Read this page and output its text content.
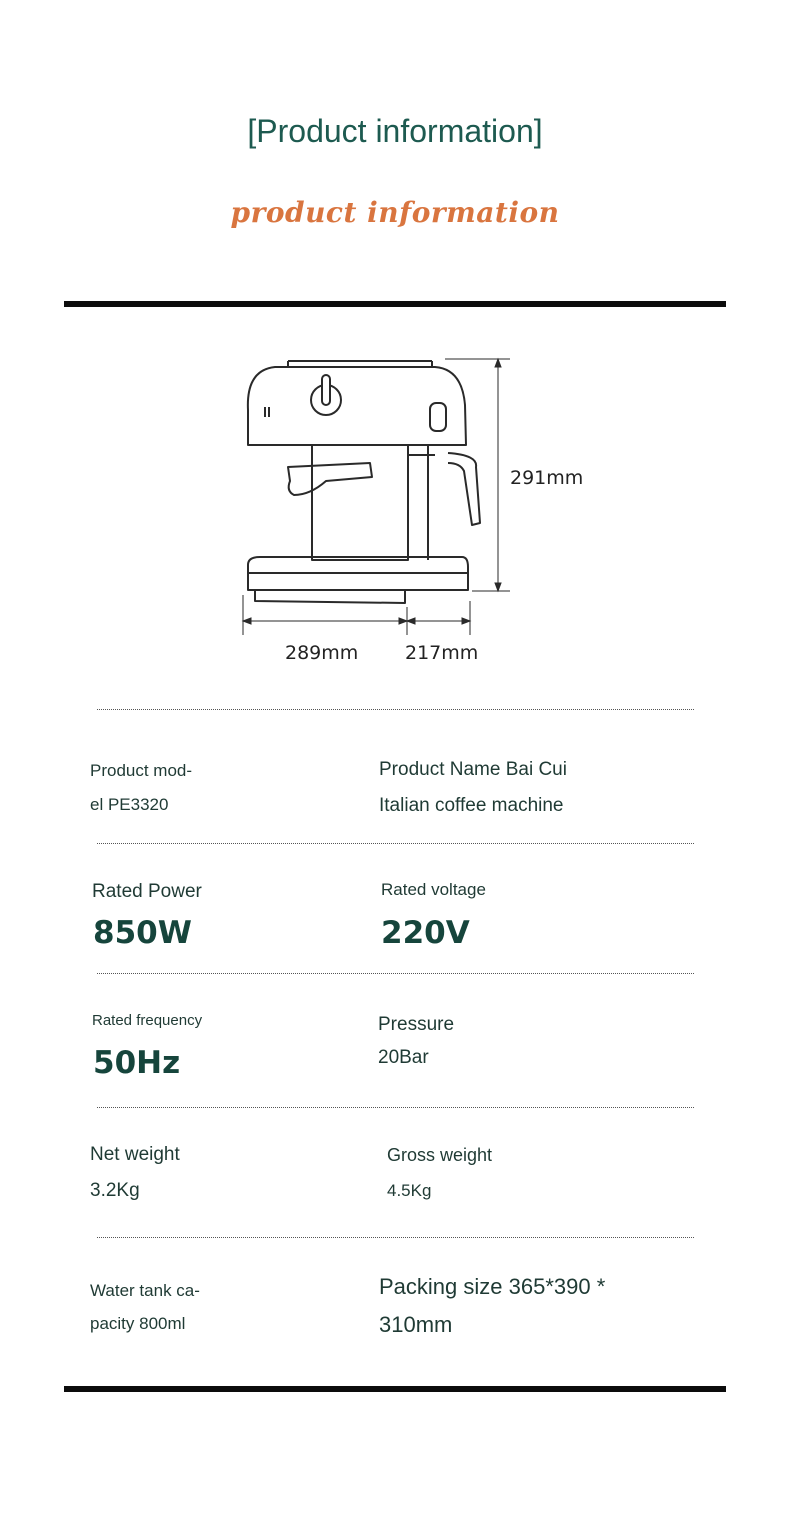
[Product information]
product information
291mm
289mm 217mm
Product mod-
el PE3320
Product Name Bai Cui
Italian coffee machine
Rated Power
850W
Rated voltage
220V
Rated frequency
50Hz
Pressure
20Bar
Net weight
3.2Kg
Gross weight
4.5Kg
Water tank ca-
pacity 800ml
Packing size 365*390 *
310mm
